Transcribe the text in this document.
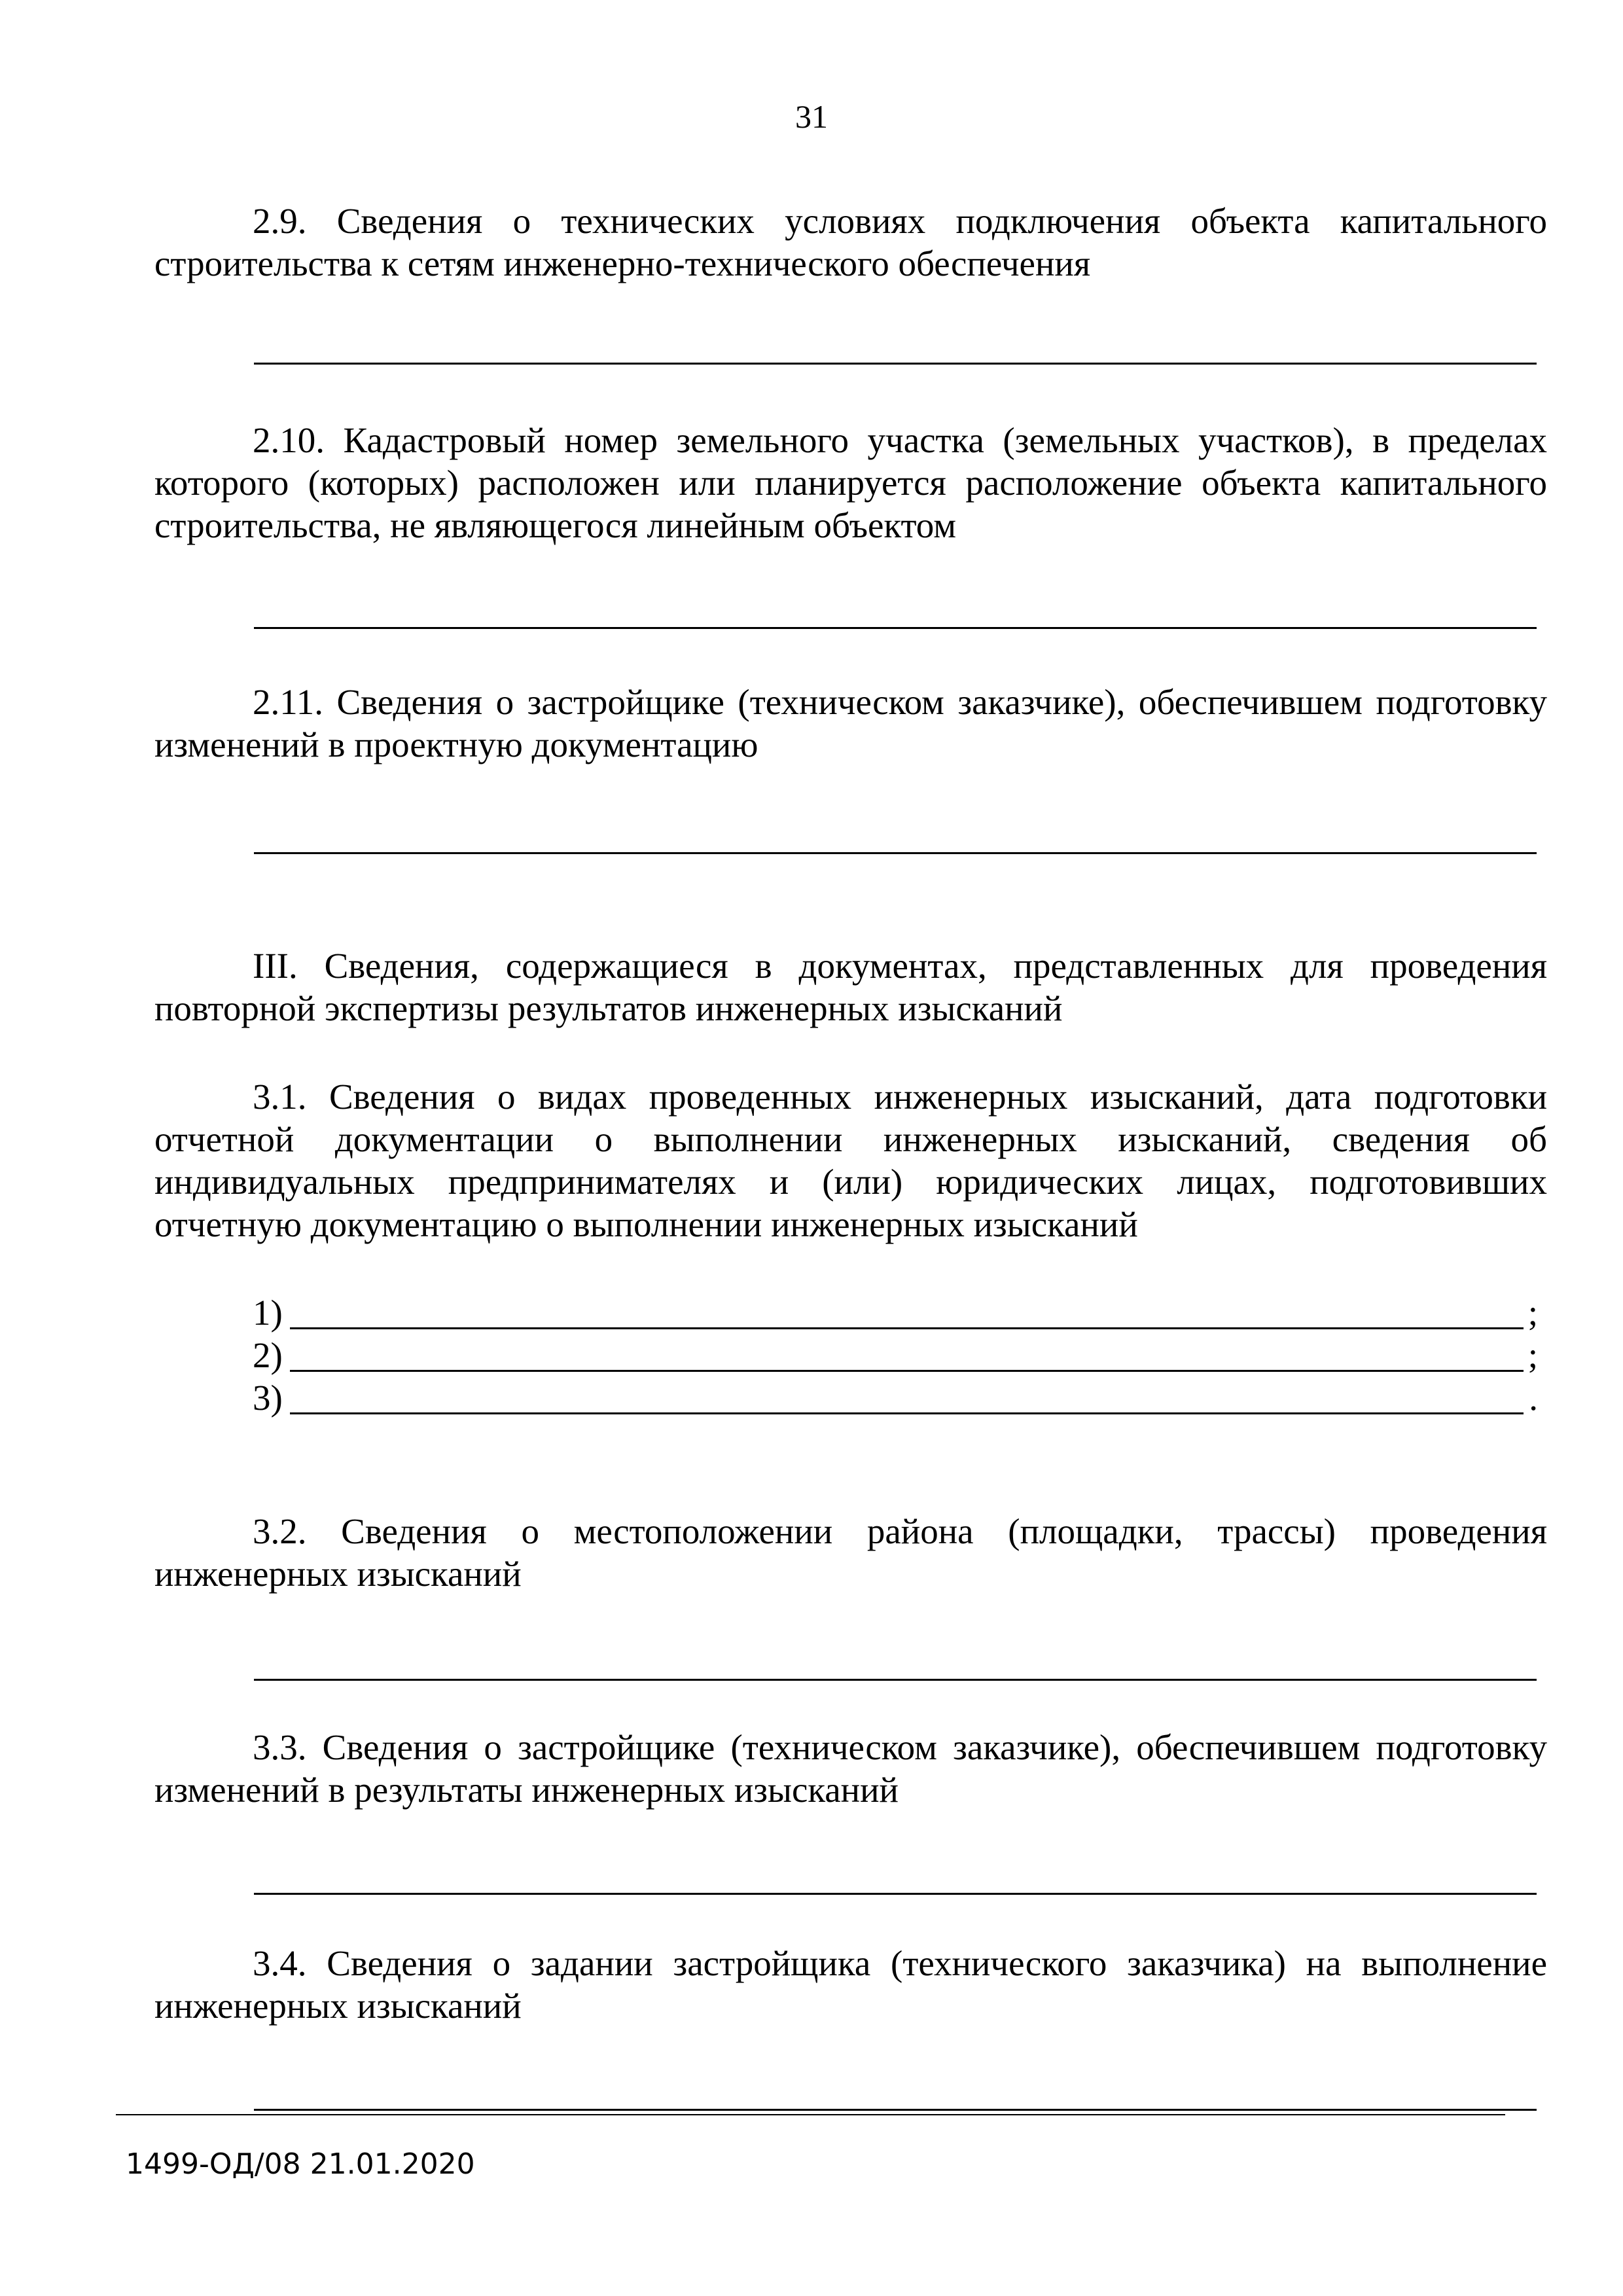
31

2.9. Сведения о технических условиях подключения объекта капитального строительства к сетям инженерно-технического обеспечения

2.10. Кадастровый номер земельного участка (земельных участков), в пределах которого (которых) расположен или планируется расположение объекта капитального строительства, не являющегося линейным объектом

2.11. Сведения о застройщике (техническом заказчике), обеспечившем подготовку изменений в проектную документацию

III. Сведения, содержащиеся в документах, представленных для проведения повторной экспертизы результатов инженерных изысканий

3.1. Сведения о видах проведенных инженерных изысканий, дата подготовки отчетной документации о выполнении инженерных изысканий, сведения об индивидуальных предпринимателях и (или) юридических лицах, подготовивших отчетную документацию о выполнении инженерных изысканий

1)	;
2)	;
3)	.

3.2. Сведения о местоположении района (площадки, трассы) проведения инженерных изысканий

3.3. Сведения о застройщике (техническом заказчике), обеспечившем подготовку изменений в результаты инженерных изысканий

3.4. Сведения о задании застройщика (технического заказчика) на выполнение инженерных изысканий

1499-ОД/08 21.01.2020
